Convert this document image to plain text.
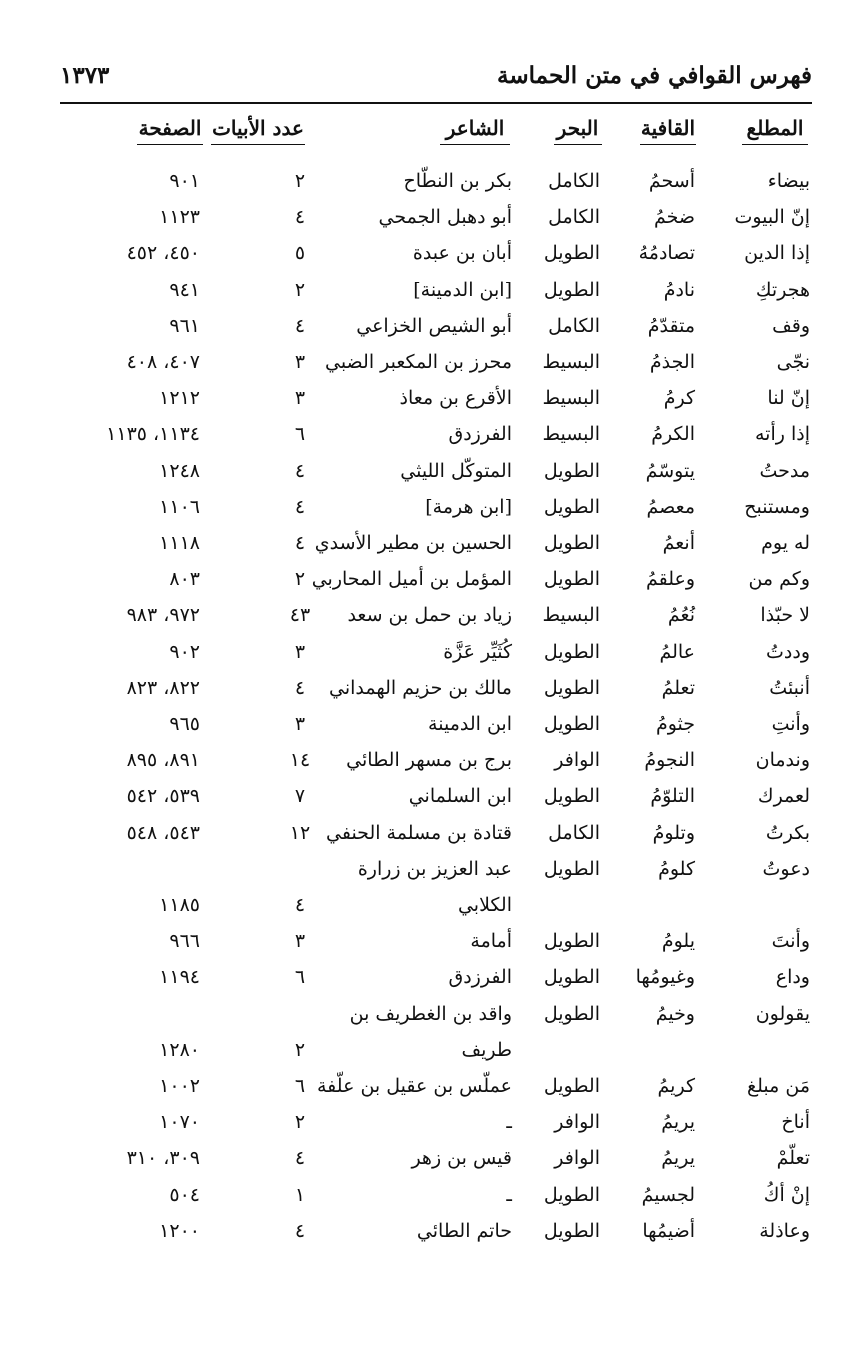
فهرس القوافي في متن الحماسة
١٣٧٣
المطلع
القافية
البحر
الشاعر
عدد الأبيات
الصفحة
بيضاء
أسحمُ
الكامل
بكر بن النطّاح
٢
٩٠١
إنّ البيوت
ضخمُ
الكامل
أبو دهبل الجمحي
٤
١١٢٣
إذا الدين
تصادمُهُ
الطويل
أبان بن عبدة
٥
٤٥٠، ٤٥٢
هجرتكِ
نادمُ
الطويل
[ابن الدمينة]
٢
٩٤١
وقف
متقدّمُ
الكامل
أبو الشيص الخزاعي
٤
٩٦١
نجّى
الجذمُ
البسيط
محرز بن المكعبر الضبي
٣
٤٠٧، ٤٠٨
إنّ لنا
كرمُ
البسيط
الأقرع بن معاذ
٣
١٢١٢
إذا رأته
الكرمُ
البسيط
الفرزدق
٦
١١٣٤، ١١٣٥
مدحتُ
يتوسّمُ
الطويل
المتوكّل الليثي
٤
١٢٤٨
ومستنبح
معصمُ
الطويل
[ابن هرمة]
٤
١١٠٦
له يوم
أنعمُ
الطويل
الحسين بن مطير الأسدي
٤
١١١٨
وكم من
وعلقمُ
الطويل
المؤمل بن أميل المحاربي
٢
٨٠٣
لا حبّذا
نُعُمُ
البسيط
زياد بن حمل بن سعد
٤٣
٩٧٢، ٩٨٣
وددتُ
عالمُ
الطويل
كُثَيِّر عَزَّة
٣
٩٠٢
أنبئتُ
تعلمُ
الطويل
مالك بن حزيم الهمداني
٤
٨٢٢، ٨٢٣
وأنتِ
جثومُ
الطويل
ابن الدمينة
٣
٩٦٥
وندمان
النجومُ
الوافر
برج بن مسهر الطائي
١٤
٨٩١، ٨٩٥
لعمرك
التلوّمُ
الطويل
ابن السلماني
٧
٥٣٩، ٥٤٢
بكرتُ
وتلومُ
الكامل
قتادة بن مسلمة الحنفي
١٢
٥٤٣، ٥٤٨
دعوتُ
كلومُ
الطويل
عبد العزيز بن زرارة
٤
١١٨٥	الكلابي
وأنتَ
يلومُ
الطويل
أمامة
٣
٩٦٦
وداع
وغيومُها
الطويل
الفرزدق
٦
١١٩٤
يقولون
وخيمُ
الطويل
واقد بن الغطريف بن
٢
١٢٨٠	طريف
مَن مبلغ
كريمُ
الطويل
عملّس بن عقيل بن علّفة
٦
١٠٠٢
أناخ
يريمُ
الوافر
ـ
٢
١٠٧٠
تعلّمْ
يريمُ
الوافر
قيس بن زهر
٤
٣٠٩، ٣١٠
إنْ أكُ
لجسيمُ
الطويل
ـ
١
٥٠٤
وعاذلة
أضيمُها
الطويل
حاتم الطائي
٤
١٢٠٠
